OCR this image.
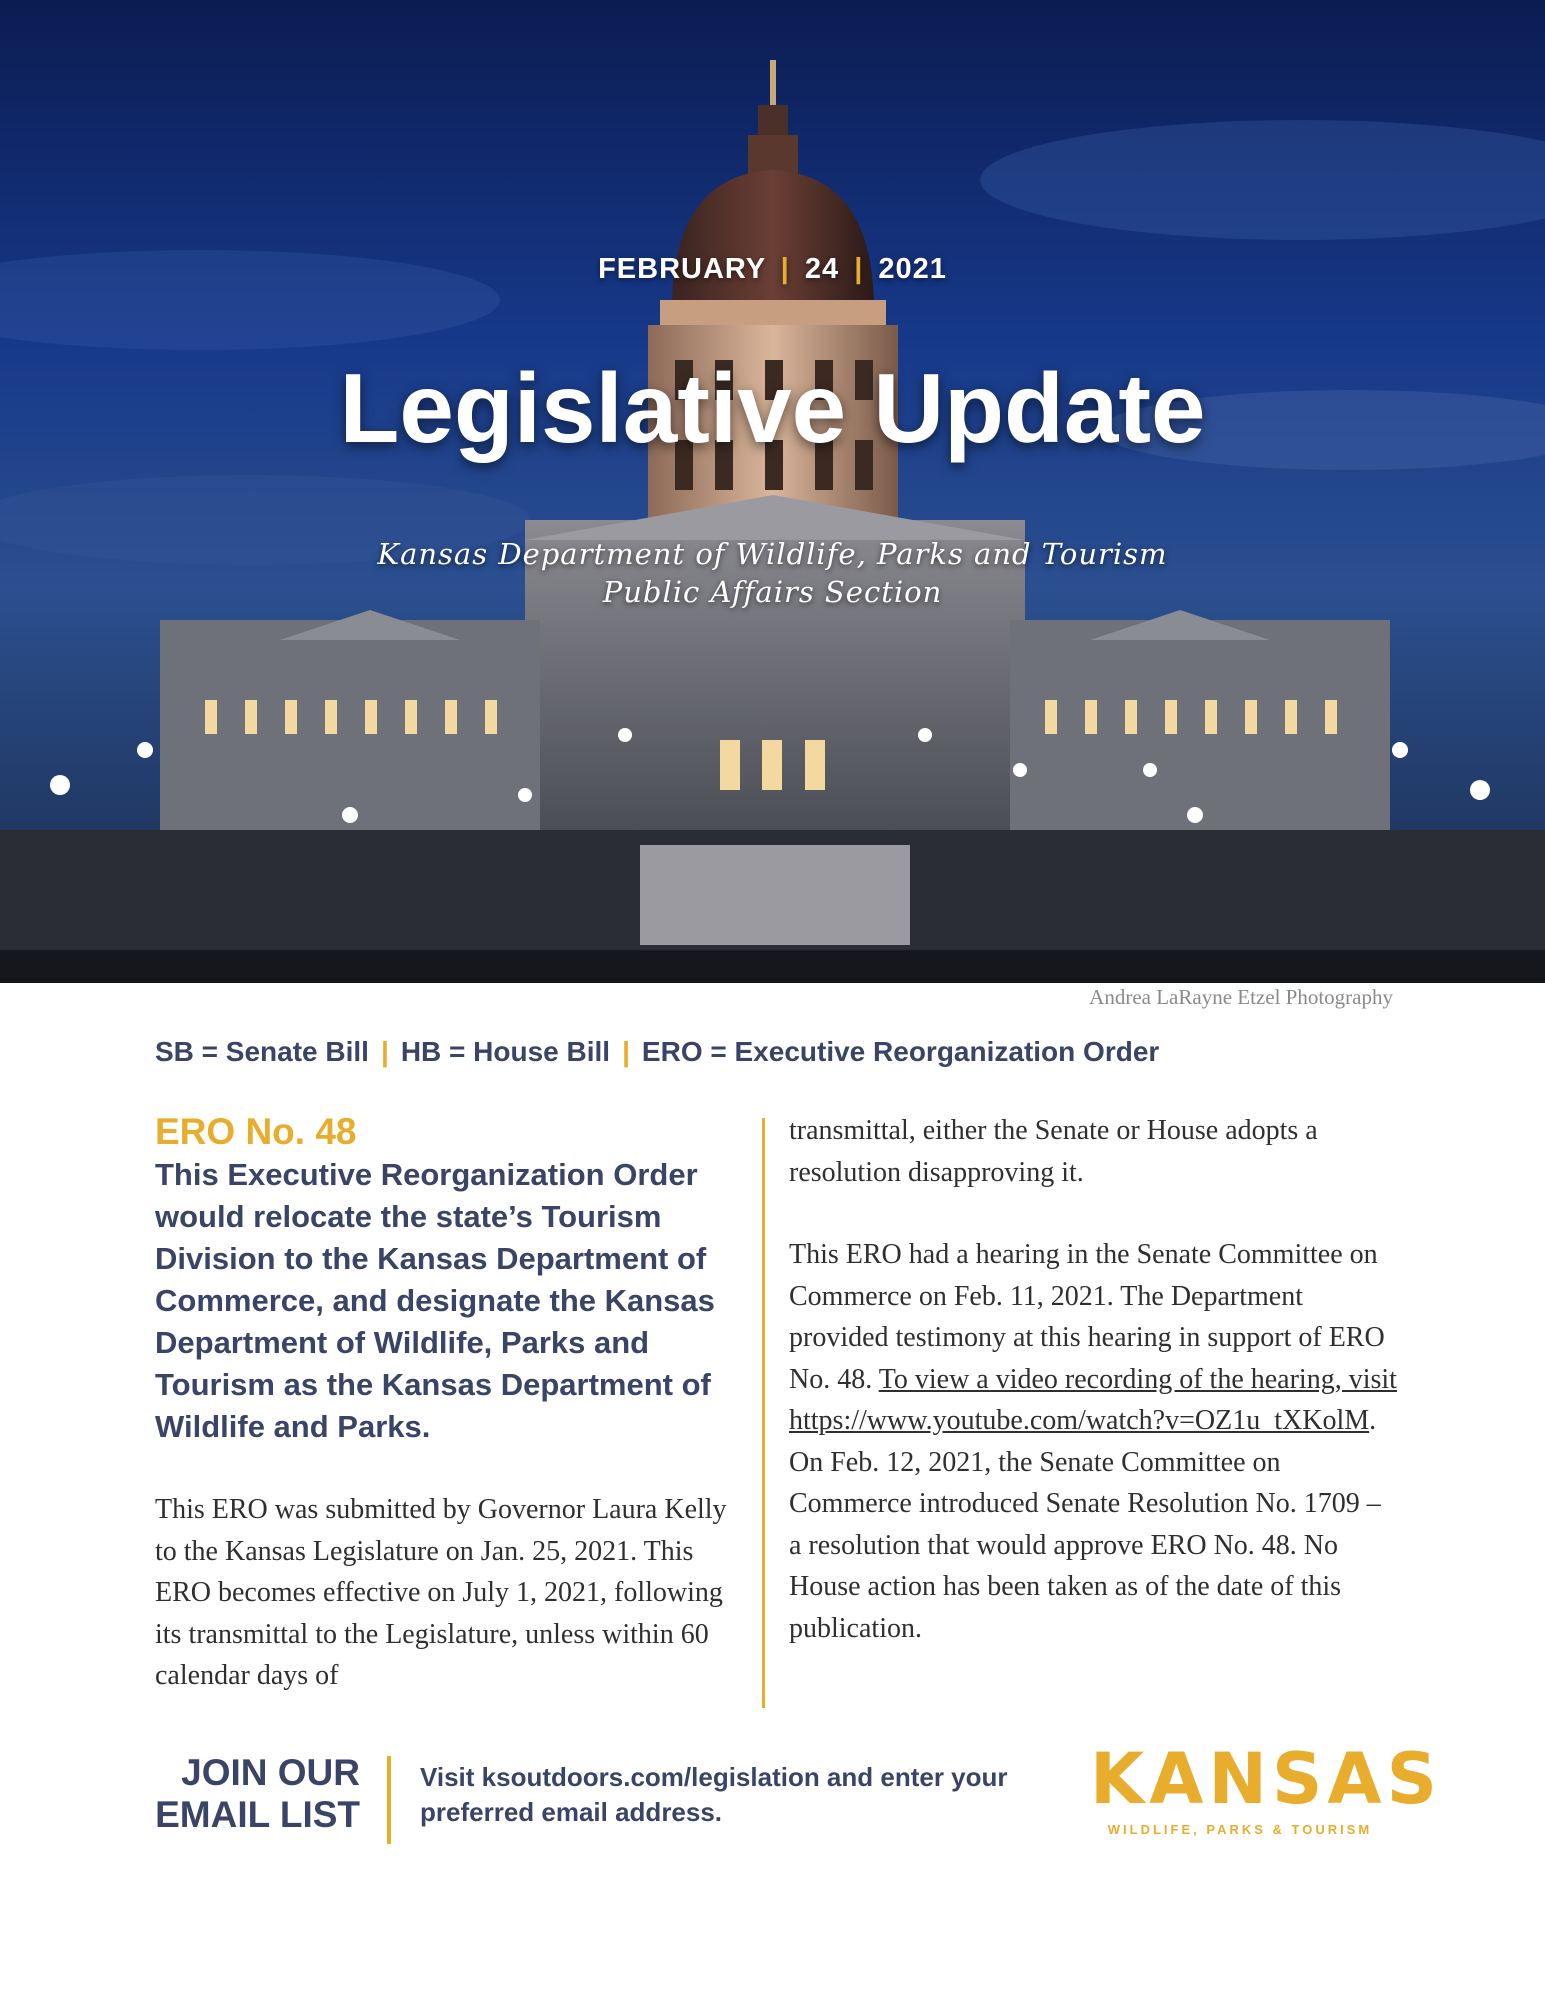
FEBRUARY | 24 | 2021
Legislative Update
Kansas Department of Wildlife, Parks and Tourism
Public Affairs Section
Andrea LaRayne Etzel Photography
SB = Senate Bill | HB = House Bill | ERO = Executive Reorganization Order
ERO No. 48
This Executive Reorganization Order would relocate the state’s Tourism Division to the Kansas Department of Commerce, and designate the Kansas Department of Wildlife, Parks and Tourism as the Kansas Department of Wildlife and Parks.
This ERO was submitted by Governor Laura Kelly to the Kansas Legislature on Jan. 25, 2021. This ERO becomes effective on July 1, 2021, following its transmittal to the Legislature, unless within 60 calendar days of
transmittal, either the Senate or House adopts a resolution disapproving it.
This ERO had a hearing in the Senate Committee on Commerce on Feb. 11, 2021. The Department provided testimony at this hearing in support of ERO No. 48. To view a video recording of the hearing, visit https://www.youtube.com/watch?v=OZ1u_tXKolM. On Feb. 12, 2021, the Senate Committee on Commerce introduced Senate Resolution No. 1709 – a resolution that would approve ERO No. 48. No House action has been taken as of the date of this publication.
JOIN OUR
EMAIL LIST
Visit ksoutdoors.com/legislation and enter your preferred email address.	KANSAS
WILDLIFE, PARKS & TOURISM
